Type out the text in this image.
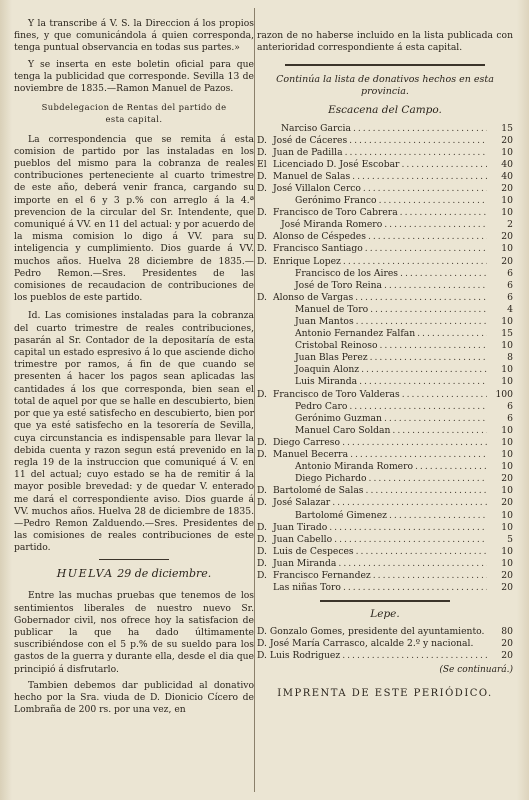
Y la transcribe á V. S. la Direccion á los propios fines, y que comunicándola á quien corresponda, tenga puntual observancia en todas sus partes.»

Y se inserta en este boletin oficial para que tenga la publicidad que corresponde. Sevilla 13 de noviembre de 1835.—Ramon Manuel de Pazos.

Subdelegacion de Rentas del partido de
esta capital.

La correspondencia que se remita á esta comision de partido por las instaladas en los pueblos del mismo para la cobranza de reales contribuciones perteneciente al cuarto trimestre de este año, deberá venir franca, cargando su importe en el 6 y 3 p.% con arreglo á la 4.ª prevencion de la circular del Sr. Intendente, que comuniqué á VV. en 11 del actual: y por acuerdo de la misma comision lo digo á VV. para su inteligencia y cumplimiento. Dios guarde á VV. muchos años. Huelva 28 diciembre de 1835.—Pedro Remon.—Sres. Presidentes de las comisiones de recaudacion de contribuciones de los pueblos de este partido.

Id. Las comisiones instaladas para la cobranza del cuarto trimestre de reales contribuciones, pasarán al Sr. Contador de la depositaría de esta capital un estado espresivo á lo que asciende dicho trimestre por ramos, á fin de que cuando se presenten á hacer los pagos sean aplicadas las cantidades á los que corresponda, bien sean el total de aquel por que se halle en descubierto, bien por que ya esté satisfecho en descubierto, bien por que ya esté satisfecho en la tesorería de Sevilla, cuya circunstancia es indispensable para llevar la debida cuenta y razon segun está prevenido en la regla 19 de la instruccion que comuniqué á V. en 11 del actual; cuyo estado se ha de remitir á la mayor posible brevedad: y de quedar V. enterado me dará el correspondiente aviso. Dios guarde á VV. muchos años. Huelva 28 de diciembre de 1835.—Pedro Remon Zalduendo.—Sres. Presidentes de las comisiones de reales contribuciones de este partido.

HUELVA 29 de diciembre.

Entre las muchas pruebas que tenemos de los sentimientos liberales de nuestro nuevo Sr. Gobernador civil, nos ofrece hoy la satisfacion de publicar la que ha dado últimamente suscribiéndose con el 5 p.% de su sueldo para los gastos de la guerra y durante ella, desde el dia que principió á disfrutarlo.

Tambien debemos dar publicidad al donativo hecho por la Sra. viuda de D. Dionicio Cícero de Lombraña de 200 rs. por una vez, en

razon de no haberse incluido en la lista publicada con anterioridad correspondiente á esta capital.

Continúa la lista de donativos hechos en esta provincia.
Escacena del Campo.
Narciso Garcia .....	15
D. José de Cáceres .....	20
D. Juan de Padilla .....	10
El Licenciado D. José Escobar .....	40
D. Manuel de Salas .....	40
D. José Villalon Cerco .....	20
Gerónimo Franco .....	10
D. Francisco de Toro Cabrera .....	10
José Miranda Romero .....	2
D. Alonso de Céspedes .....	20
D. Francisco Santiago .....	10
D. Enrique Lopez .....	20
Francisco de los Aires .....	6
José de Toro Reina .....	6
D. Alonso de Vargas .....	6
Manuel de Toro .....	4
Juan Mantos .....	10
Antonio Fernandez Falfan .....	15
Cristobal Reinoso .....	10
Juan Blas Perez .....	8
Joaquin Alonz .....	10
Luis Miranda .....	10
D. Francisco de Toro Valderas .....	100
Pedro Caro .....	6
Gerónimo Guzman .....	6
Manuel Caro Soldan .....	10
D. Diego Carreso .....	10
D. Manuel Becerra .....	10
Antonio Miranda Romero .....	10
Diego Pichardo .....	20
D. Bartolomé de Salas .....	10
D. José Salazar .....	20
Bartolomé Gimenez .....	10
D. Juan Tirado .....	10
D. Juan Cabello .....	5
D. Luis de Cespeces .....	10
D. Juan Miranda .....	10
D. Francisco Fernandez .....	20
Las niñas Toro .....	20
Lepe.

D. Gonzalo Gomes, presidente del ayuntamiento.	80

D. José María Carrasco, alcalde 2.º y nacional.	20
D. Luis Rodriguez .....	20
(Se continuará.)
IMPRENTA DE ESTE PERIÓDICO.
